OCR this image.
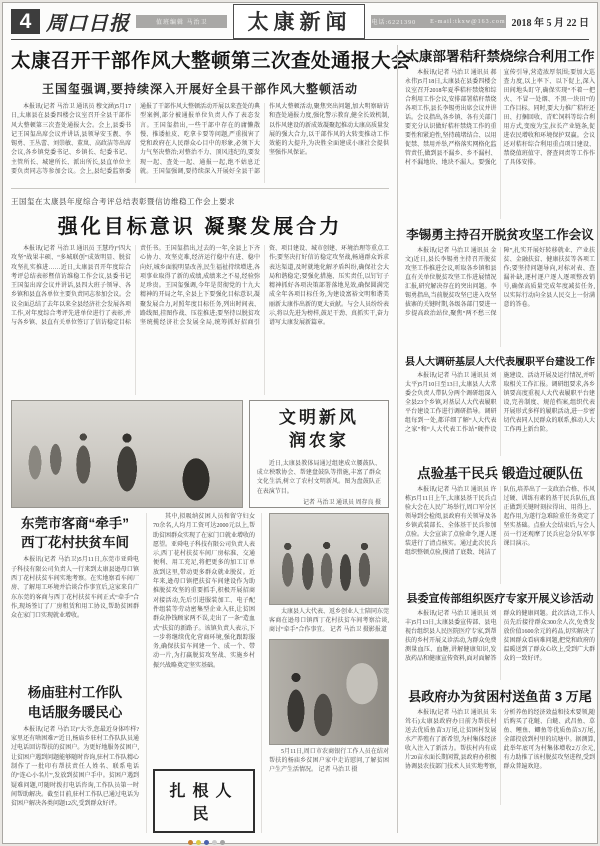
4 周口日报	值班编辑 马治卫	太康新闻	电话:6221390 E-mail:tkxw@163.com 2018 年 5 月 22 日
太康召开干部作风大整顿第三次查处通报大会
王国玺强调,要持续深入开展好全县干部作风大整顿活动
本报讯(记者 马治卫 通讯员 穆文涵)5月17日,太康县在县委四楼会议室召开全县干部作风大整顿第三次查处通报大会。会上,县委书记王国玺出席会议并讲话,县领导安玉靓、李锡勇、王丛蕾、刘崇敏、董岚、高政洁等出席会议,各乡镇党委书记、乡镇长、纪委书记、主管所长、城建所长、派出所长,县直单位主要负责同志等参加会议。会上,县纪委监察委通报了干部作风大整顿活动开展以来查处的典型案例,部分被通报单位负责人作了表态发言。王国玺指出,一些干部中存在的庸懒散慢、推诿扯皮、吃拿卡要等问题,严重损害了党和政府在人民群众心目中的形象,必须下大力气坚决整治;对整治不力、顶风违纪的,要发现一起、查处一起、通报一起,绝不姑息迁就。王国玺强调,要持续深入开展好全县干部作风大整顿活动,聚焦突出问题,加大明察暗访和查处通报力度,强化警示教育,健全长效机制,以作风建设的新成效凝聚起推动太康高质量发展的强大合力,以干部作风的大转变推动工作效能的大提升,为决胜全面建成小康社会提供坚强作风保证。
王国玺在太康县年度综合考评总结表彰暨信访维稳工作会上要求
强化目标意识 凝聚发展合力
本报讯(记者 马治卫 通讯员 王慧玲)“四大攻坚”战果丰硕、“多城联创”成效明显、脱贫攻坚扎实推进……近日,太康县召开年度综合考评总结表彰暨信访维稳工作会议,县委书记王国玺出席会议并讲话,县四大班子领导、各乡镇和县直各单位主要负责同志参加会议。会议全面总结了去年以来全县经济社会发展各项工作,对年度综合考评先进单位进行了表彰,并与各乡镇、县直有关单位签订了信访稳定目标责任书。王国玺指出,过去的一年,全县上下齐心协力、攻坚克难,经济运行稳中有进、稳中向好,城乡面貌明显改善,民生福祉持续增进,各项事业取得了新的成绩,成绩来之不易,经验弥足珍贵。王国玺强调,今年是贯彻党的十九大精神的开局之年,全县上下要强化目标意识,凝聚发展合力,对照年度目标任务,列出时间表、路线图,挂图作战、压茬推进;要坚持以脱贫攻坚统揽经济社会发展全局,统筹抓好招商引资、项目建设、城市创建、环境治理等重点工作;要坚决打好信访稳定攻坚战,畅通群众诉求表达渠道,及时就地化解矛盾纠纷,确保社会大局和谐稳定;要强化措施、压实责任,以钉钉子精神抓好各项决策部署落地见效,确保圆满完成全年各项目标任务,为建设富裕文明和谐美丽新太康作出新的更大贡献。与会人员纷纷表示,将以先进为榜样,鼓足干劲、真抓实干,奋力谱写太康发展新篇章。
文明新风
润农家
近日,太康县教体局通过组建成立腰鼓队、成立秧歌协会、帮建盘鼓队等措施,丰富了群众文化生活,树立了农村文明新风。图为盘鼓队正在表演节目。
记者 马治卫 通讯员 周存良 摄
东莞市客商“牵手”
西丁花村扶贫车间
本报讯(记者 马治卫)5月11日,东莞市亚舜电子科技有限公司负责人一行来到太康县逊母口镇西丁花村扶贫车间实地考察。在实地察看车间厂房、了解用工环境并洽谈合作事宜后,这家来自广东东莞的客商与西丁花村扶贫车间正式“牵手”合作,现场签订了厂房租赁和用工协议,帮助贫困群众在家门口实现就业增收。
杨庙驻村工作队
电话服务暖民心
本报讯(记者 马治卫)“大爷,您最近身体咋样?家里还有啥困难?”近日,杨庙乡驻村工作队队员通过电话回访帮扶的贫困户。为更好地服务贫困户,让贫困户遇到问题能够随时咨询,驻村工作队精心制作了一批印有帮扶责任人姓名、联系电话的“连心小名片”,发放到贫困户手中。贫困户遇到疑难问题,可随时拨打电话咨询,工作队员第一时间帮助解决。截至目前,驻村工作队已通过电话为贫困户解决各类问题12次,受到群众好评。
其中,拟吸纳贫困人员和留守妇女70余名,人均月工资可达2000元以上,帮助贫困群众实现了在家门口就业增收的愿望。亚舜电子科技有限公司负责人表示,西丁花村扶贫车间厂房标准、交通便利、用工充足,将把更多的加工订单放到这里,带动更多群众就业脱贫。近年来,逊母口镇把扶贫车间建设作为助推脱贫攻坚的重要抓手,积极开展招商对接活动,先后引进服装加工、电子配件组装等劳动密集型企业入驻,让贫困群众挣钱顾家两不误,走出了一条“造血式”扶贫的新路子。该镇负责人表示,下一步将继续优化营商环境,强化跟踪服务,确保扶贫车间建一个、成一个、带动一片,为打赢脱贫攻坚战、实施乡村振兴战略奠定坚实基础。
扎根人民
太康县人大代表、返乡创业人士陪同东莞客商在逊母口镇西丁花村扶贫车间考察洽谈,商讨“牵手”合作事宜。 记者 马治卫 摄影报道
5月11日,周口市农商银行工作人员在结对帮扶的杨庙乡贫困户家中走访慰问,了解贫困户生产生活情况。 记者 马治卫 摄
太康部署秸秆禁烧综合利用工作
本报讯(记者 马治卫 通讯员 郝永伟)5月18日,太康县在县委四楼会议室召开2018年夏季秸秆禁烧和综合利用工作会议,安排部署秸秆禁烧各项工作,县长李锡勇出席会议并讲话。会议指出,各乡镇、各有关部门要充分认识做好秸秆禁烧工作的重要性和紧迫性,坚持疏堵结合、以用促禁、禁用并举,严格落实网格化监管责任,做到县不漏乡、乡不漏村、村不漏地块、地块不漏人。要强化宣传引导,营造浓厚氛围;要加大巡查力度,以上率下、以下促上,深入田间地头盯守,确保实现“不着一把火、不冒一处烟、不黑一块田”的工作目标。同时,要大力推广秸秆还田、打捆回收、青贮饲料等综合利用方式,变废为宝,拉长产业链条,促进农民增收和环境保护双赢。会议还对秸秆综合利用重点项目建设、禁烧值班值守、督查问责等工作作了具体安排。
李锡勇主持召开脱贫攻坚工作会议
本报讯(记者 马治卫 通讯员 金文)近日,县长李锡勇主持召开脱贫攻坚工作推进会议,听取各乡镇和县直有关单位脱贫攻坚工作进展情况汇报,研究解决存在的突出问题。李锡勇指出,当前脱贫攻坚已进入攻坚拔寨的关键时期,各级各部门要进一步提高政治站位,聚焦“两不愁三保障”,扎实开展好转移就业、产业扶贫、金融扶贫、健康扶贫等各项工作;要坚持问题导向,对标对表、查漏补缺,逐村逐户逐人逐项整改销号,确保高质量完成年度减贫任务,以实际行动向全县人民交上一份满意的答卷。
县人大调研基层人大代表履职平台建设工作
本报讯(记者 马治卫 通讯员 刘太平)5月10日至13日,太康县人大常委会负责人带队分两个调研组深入全县23个乡镇,对基层人大代表履职平台建设工作进行调研指导。调研组每到一处,都详细了解“人大代表之家”和“人大代表工作站”硬件设施建设、活动开展及运行情况,并听取相关工作汇报。调研组要求,各乡镇要高度重视人大代表履职平台建设,完善制度、规范档案,组织代表开展形式多样的履职活动,进一步密切代表同人民群众的联系,推动人大工作再上新台阶。
点验基干民兵 锻造过硬队伍
本报讯(记者 马治卫 通讯员 许栋)5月11日上午,太康县基干民兵点验大会在人民广场举行,周口军分区领导到会检阅,县政府有关领导及各乡镇武装部长、全体基干民兵参加点验。大会宣读了点验命令,逐人逐装进行了清点核实。通过此次民兵组织整顿点验,摸清了底数、纯洁了队伍,培养出了一支政治合格、作风过硬、训练有素的基干民兵队伍,真正做到关键时刻拉得出、用得上、起作用,为遂行急难险重任务奠定了坚实基础。点验大会结束后,与会人员一行还观摩了民兵应急分队军事课目演示。
县委宣传部组织医疗专家开展义诊活动
本报讯(记者 马治卫 通讯员 刘丰)5月13日,太康县委宣传部、县电视台组织县人民医院医疗专家,到帮扶的乡村开展义诊活动,为群众免费测量血压、血糖,讲解健康知识,发放药品和健康宣传资料,面对面解答群众的健康问题。此次活动,工作人员先后接待群众300余人次,免费发放价值1600余元的药品,切实解决了贫困群众看病难问题,把党和政府的温暖送到了群众心坎上,受到广大群众的一致好评。
县政府办为贫困村送鱼苗 3 万尾
本报讯(记者 马治卫 通讯员 朱耸石)太康县政府办日前为帮扶村送去优质鱼苗3万尾,让贫困村发展水产养殖有了新希望,为村集体经济收入注入了新活力。帮扶村内有成片20亩水面长期闲置,县政府办积极协调县农技部门技术人员实地考察,分析养鱼的经济效益和技术要领,随后购买了花鲢、白鲢、武昌鱼、草鱼、鲤鱼、鲫鱼等优质鱼苗3万尾,全部投放到村里的坑塘中。据测算,此举年底可为村集体增收2万余元,有力助推了该村脱贫攻坚进程,受到群众普遍欢迎。
